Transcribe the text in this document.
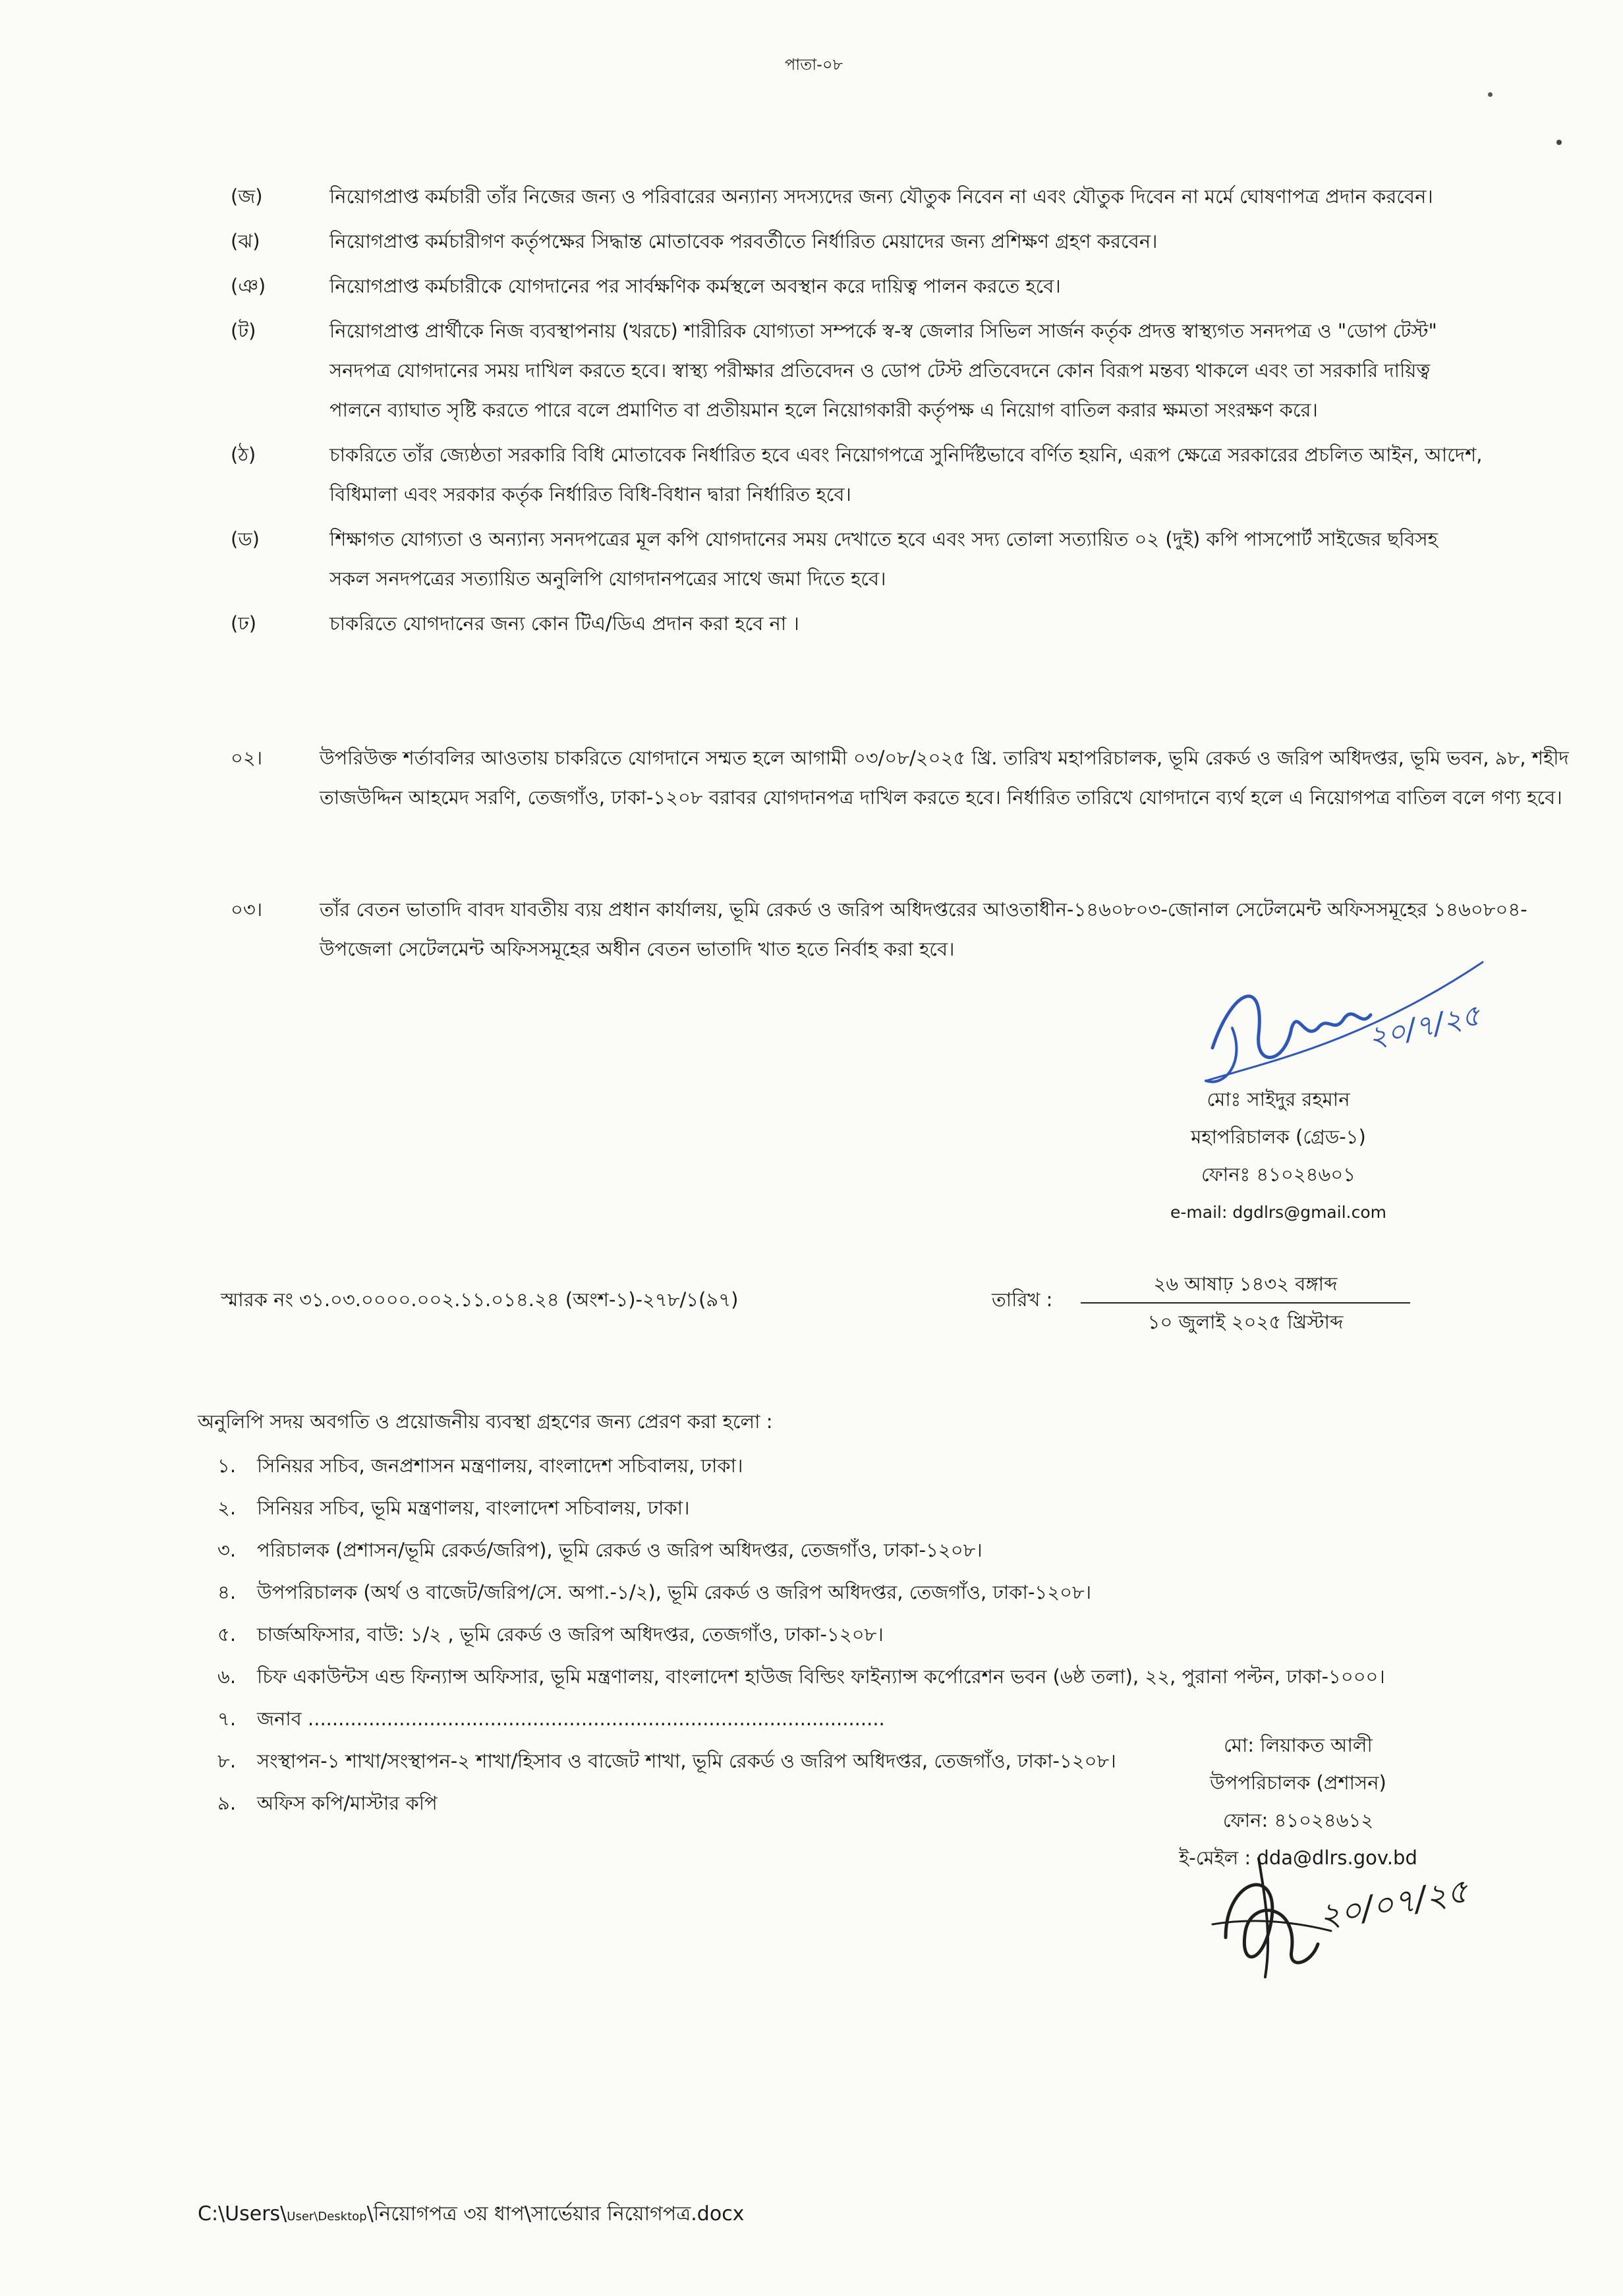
পাতা-০৮
(জ)	নিয়োগপ্রাপ্ত কর্মচারী তাঁর নিজের জন্য ও পরিবারের অন্যান্য সদস্যদের জন্য যৌতুক নিবেন না এবং যৌতুক দিবেন না মর্মে ঘোষণাপত্র প্রদান করবেন।
(ঝ)	নিয়োগপ্রাপ্ত কর্মচারীগণ কর্তৃপক্ষের সিদ্ধান্ত মোতাবেক পরবর্তীতে নির্ধারিত মেয়াদের জন্য প্রশিক্ষণ গ্রহণ করবেন।
(ঞ)	নিয়োগপ্রাপ্ত কর্মচারীকে যোগদানের পর সার্বক্ষণিক কর্মস্থলে অবস্থান করে দায়িত্ব পালন করতে হবে।
(ট)	নিয়োগপ্রাপ্ত প্রার্থীকে নিজ ব্যবস্থাপনায় (খরচে) শারীরিক যোগ্যতা সম্পর্কে স্ব-স্ব জেলার সিভিল সার্জন কর্তৃক প্রদত্ত স্বাস্থ্যগত সনদপত্র ও "ডোপ টেস্ট" সনদপত্র যোগদানের সময় দাখিল করতে হবে। স্বাস্থ্য পরীক্ষার প্রতিবেদন ও ডোপ টেস্ট প্রতিবেদনে কোন বিরূপ মন্তব্য থাকলে এবং তা সরকারি দায়িত্ব পালনে ব্যাঘাত সৃষ্টি করতে পারে বলে প্রমাণিত বা প্রতীয়মান হলে নিয়োগকারী কর্তৃপক্ষ এ নিয়োগ বাতিল করার ক্ষমতা সংরক্ষণ করে।
(ঠ)	চাকরিতে তাঁর জ্যেষ্ঠতা সরকারি বিধি মোতাবেক নির্ধারিত হবে এবং নিয়োগপত্রে সুনির্দিষ্টভাবে বর্ণিত হয়নি, এরূপ ক্ষেত্রে সরকারের প্রচলিত আইন, আদেশ, বিধিমালা এবং সরকার কর্তৃক নির্ধারিত বিধি-বিধান দ্বারা নির্ধারিত হবে।
(ড)	শিক্ষাগত যোগ্যতা ও অন্যান্য সনদপত্রের মূল কপি যোগদানের সময় দেখাতে হবে এবং সদ্য তোলা সত্যায়িত ০২ (দুই) কপি পাসপোর্ট সাইজের ছবিসহ সকল সনদপত্রের সত্যায়িত অনুলিপি যোগদানপত্রের সাথে জমা দিতে হবে।
(ঢ)	চাকরিতে যোগদানের জন্য কোন টিএ/ডিএ প্রদান করা হবে না ।
০২।	উপরিউক্ত শর্তাবলির আওতায় চাকরিতে যোগদানে সম্মত হলে আগামী ০৩/০৮/২০২৫ খ্রি. তারিখ মহাপরিচালক, ভূমি রেকর্ড ও জরিপ অধিদপ্তর, ভূমি ভবন, ৯৮, শহীদ তাজউদ্দিন আহমেদ সরণি, তেজগাঁও, ঢাকা-১২০৮ বরাবর যোগদানপত্র দাখিল করতে হবে। নির্ধারিত তারিখে যোগদানে ব্যর্থ হলে এ নিয়োগপত্র বাতিল বলে গণ্য হবে।
০৩।	তাঁর বেতন ভাতাদি বাবদ যাবতীয় ব্যয় প্রধান কার্যালয়, ভূমি রেকর্ড ও জরিপ অধিদপ্তরের আওতাধীন-১৪৬০৮০৩-জোনাল সেটেলমেন্ট অফিসসমূহের ১৪৬০৮০৪-উপজেলা সেটেলমেন্ট অফিসসমূহের অধীন বেতন ভাতাদি খাত হতে নির্বাহ করা হবে।
২০/৭/২৫
মোঃ সাইদুর রহমান
মহাপরিচালক (গ্রেড-১)
ফোনঃ ৪১০২৪৬০১
e-mail: dgdlrs@gmail.com
স্মারক নং ৩১.০৩.০০০০.০০২.১১.০১৪.২৪ (অংশ-১)-২৭৮/১(৯৭)	তারিখ :
২৬ আষাঢ় ১৪৩২ বঙ্গাব্দ
১০ জুলাই ২০২৫ খ্রিস্টাব্দ
অনুলিপি সদয় অবগতি ও প্রয়োজনীয় ব্যবস্থা গ্রহণের জন্য প্রেরণ করা হলো :
১. সিনিয়র সচিব, জনপ্রশাসন মন্ত্রণালয়, বাংলাদেশ সচিবালয়, ঢাকা।
২. সিনিয়র সচিব, ভূমি মন্ত্রণালয়, বাংলাদেশ সচিবালয়, ঢাকা।
৩. পরিচালক (প্রশাসন/ভূমি রেকর্ড/জরিপ), ভূমি রেকর্ড ও জরিপ অধিদপ্তর, তেজগাঁও, ঢাকা-১২০৮।
৪. উপপরিচালক (অর্থ ও বাজেট/জরিপ/সে. অপা.-১/২), ভূমি রেকর্ড ও জরিপ অধিদপ্তর, তেজগাঁও, ঢাকা-১২০৮।
৫. চার্জঅফিসার, বাউ: ১/২ , ভূমি রেকর্ড ও জরিপ অধিদপ্তর, তেজগাঁও, ঢাকা-১২০৮।
৬. চিফ একাউন্টস এন্ড ফিন্যান্স অফিসার, ভূমি মন্ত্রণালয়, বাংলাদেশ হাউজ বিল্ডিং ফাইন্যান্স কর্পোরেশন ভবন (৬ষ্ঠ তলা), ২২, পুরানা পল্টন, ঢাকা-১০০০।
৭. জনাব ...............................................................................................
৮. সংস্থাপন-১ শাখা/সংস্থাপন-২ শাখা/হিসাব ও বাজেট শাখা, ভূমি রেকর্ড ও জরিপ অধিদপ্তর, তেজগাঁও, ঢাকা-১২০৮।
৯. অফিস কপি/মাস্টার কপি
২০/০৭/২৫
মো: লিয়াকত আলী
উপপরিচালক (প্রশাসন)
ফোন: ৪১০২৪৬১২
ই-মেইল : dda@dlrs.gov.bd
C:\Users\User\Desktop\নিয়োগপত্র ৩য় ধাপ\সার্ভেয়ার নিয়োগপত্র.docx
